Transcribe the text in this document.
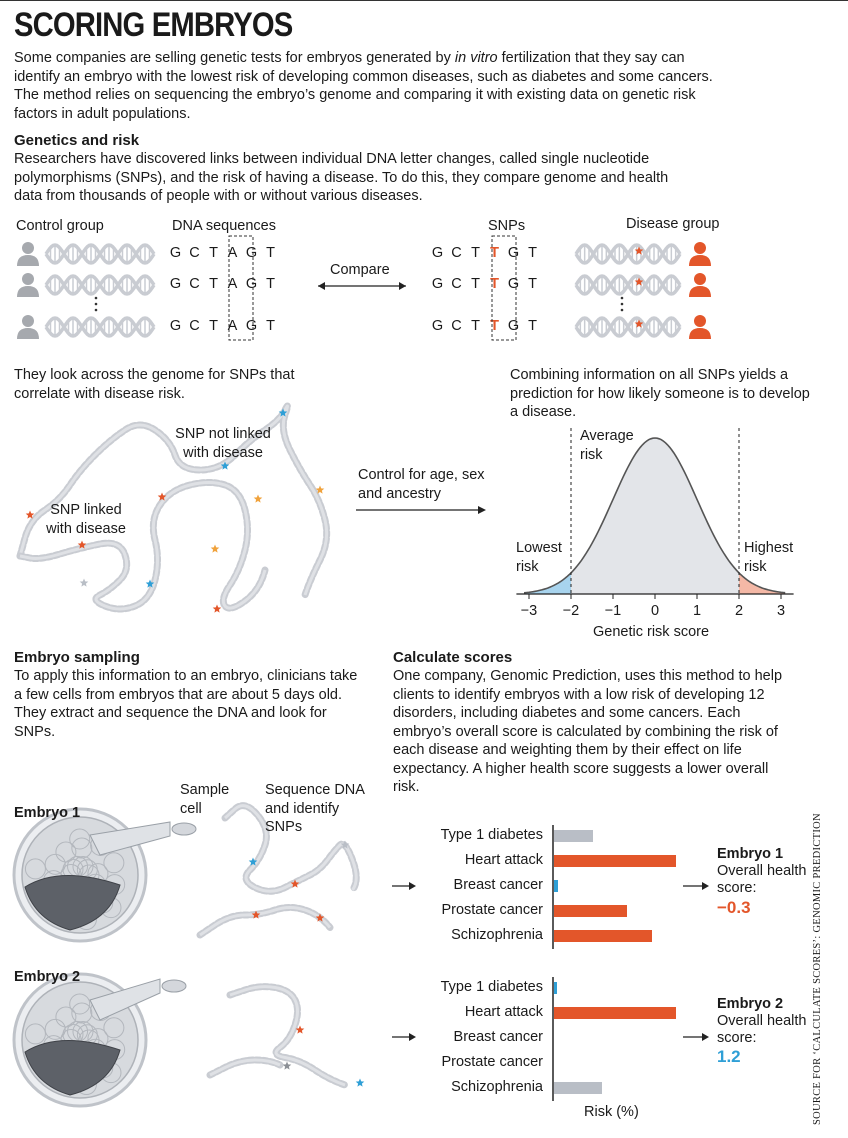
SCORING EMBRYOS

Some companies are selling genetic tests for embryos generated by in vitro fertilization that they say can identify an embryo with the lowest risk of developing common diseases, such as diabetes and some cancers. The method relies on sequencing the embryo’s genome and comparing it with existing data on genetic risk factors in adult populations.

Genetics and risk

Researchers have discovered links between individual DNA letter changes, called single nucleotide polymorphisms (SNPs), and the risk of having a disease. To do this, they compare genome and health data from thousands of people with or without various diseases.

Control group	DNA sequences	SNPs	Disease group
Compare
G C T A G T	G C T T G T
G C T A G T	G C T T G T
G C T A G T	G C T T G T

They look across the genome for SNPs that correlate with disease risk.

SNP not linked with disease
SNP linked with disease
Control for age, sex and ancestry

Combining information on all SNPs yields a prediction for how likely someone is to develop a disease.

Average risk
Lowest risk
Highest risk
Genetic risk score
−3 −2 −1	0	1	2	3

Embryo sampling

To apply this information to an embryo, clinicians take a few cells from embryos that are about 5 days old. They extract and sequence the DNA and look for SNPs.

Calculate scores

One company, Genomic Prediction, uses this method to help clients to identify embryos with a low risk of developing 12 disorders, including diabetes and some cancers. Each embryo’s overall score is calculated by combining the risk of each disease and weighting them by their effect on life expectancy. A higher health score suggests a lower overall risk.

Sample cell
Sequence DNA and identify SNPs
Embryo 1
Embryo 2
Type 1 diabetes
Heart attack
Breast cancer
Prostate cancer
Schizophrenia
Type 1 diabetes
Heart attack
Breast cancer
Prostate cancer
Schizophrenia
Risk (%)
Embryo 1
Overall health score:
−0.3
Embryo 2
Overall health score:
1.2	SOURCE FOR ‘CALCULATE SCORES’: GENOMIC PREDICTION
